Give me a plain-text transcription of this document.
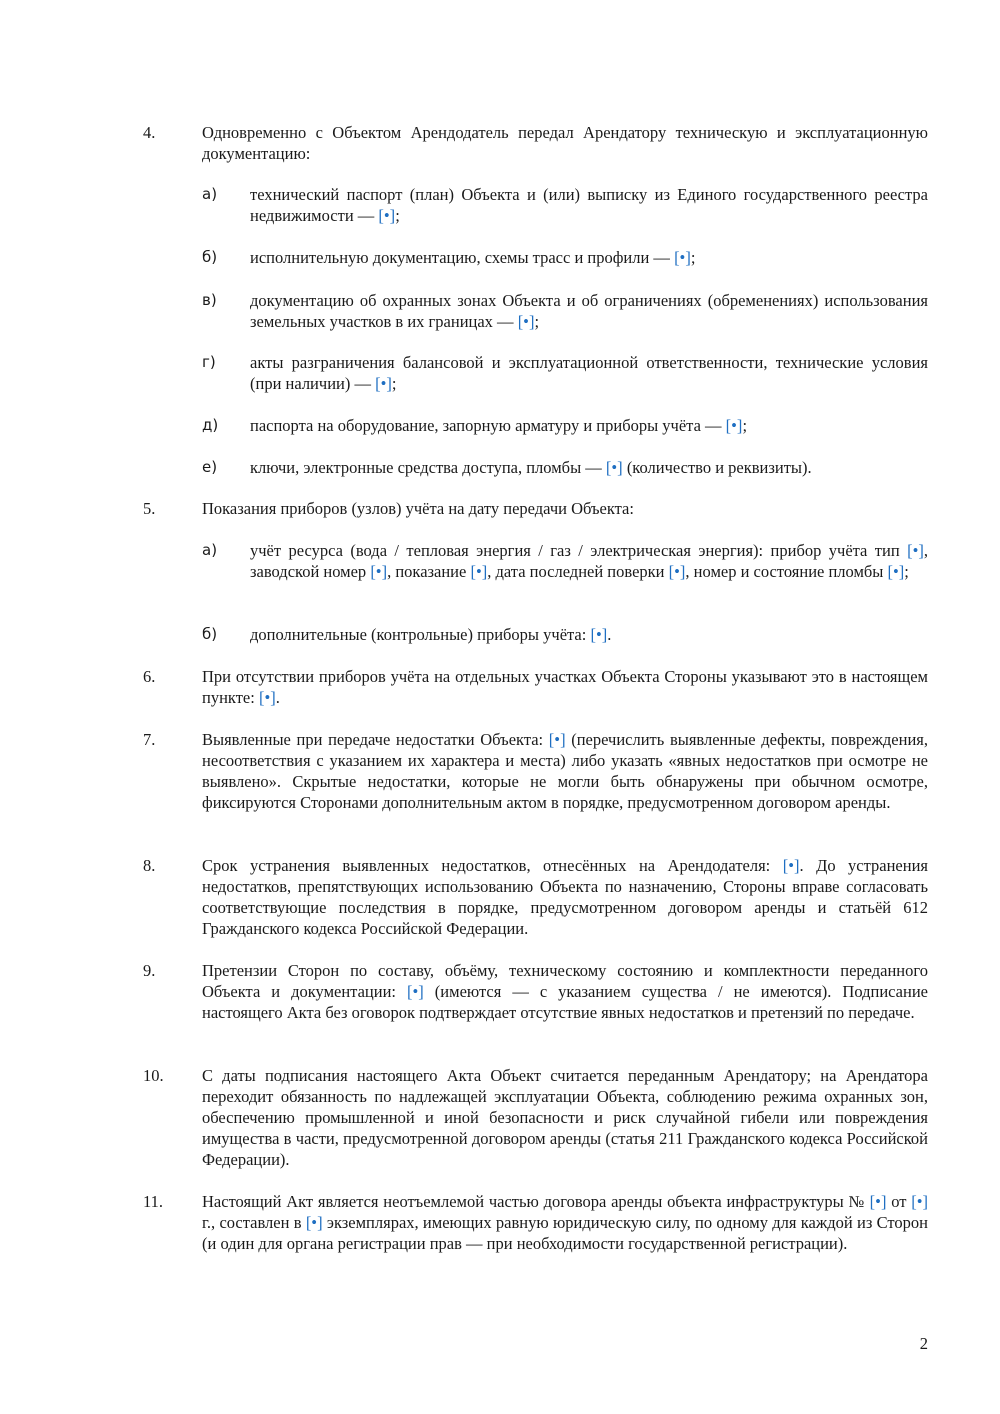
4.	Одновременно с Объектом Арендодатель передал Арендатору техническую и эксплуатационную документацию:
а) технический паспорт (план) Объекта и (или) выписку из Единого государственного реестра недвижимости — [•];
б) исполнительную документацию, схемы трасс и профили — [•];
в) документацию об охранных зонах Объекта и об ограничениях (обременениях) использования земельных участков в их границах — [•];
г) акты разграничения балансовой и эксплуатационной ответственности, технические условия (при наличии) — [•];
д) паспорта на оборудование, запорную арматуру и приборы учёта — [•];
е) ключи, электронные средства доступа, пломбы — [•] (количество и реквизиты).
5.	Показания приборов (узлов) учёта на дату передачи Объекта:
а) учёт ресурса (вода / тепловая энергия / газ / электрическая энергия): прибор учёта тип [•], заводской номер [•], показание [•], дата последней поверки [•], номер и состояние пломбы [•];
б) дополнительные (контрольные) приборы учёта: [•].
6.	При отсутствии приборов учёта на отдельных участках Объекта Стороны указывают это в настоящем пункте: [•].
7.	Выявленные при передаче недостатки Объекта: [•] (перечислить выявленные дефекты, повреждения, несоответствия с указанием их характера и места) либо указать «явных недостатков при осмотре не выявлено». Скрытые недостатки, которые не могли быть обнаружены при обычном осмотре, фиксируются Сторонами дополнительным актом в порядке, предусмотренном договором аренды.
8.	Срок устранения выявленных недостатков, отнесённых на Арендодателя: [•]. До устранения недостатков, препятствующих использованию Объекта по назначению, Стороны вправе согласовать соответствующие последствия в порядке, предусмотренном договором аренды и статьёй 612 Гражданского кодекса Российской Федерации.
9.	Претензии Сторон по составу, объёму, техническому состоянию и комплектности переданного Объекта и документации: [•] (имеются — с указанием существа / не имеются). Подписание настоящего Акта без оговорок подтверждает отсутствие явных недостатков и претензий по передаче.
10. С даты подписания настоящего Акта Объект считается переданным Арендатору; на Арендатора переходит обязанность по надлежащей эксплуатации Объекта, соблюдению режима охранных зон, обеспечению промышленной и иной безопасности и риск случайной гибели или повреждения имущества в части, предусмотренной договором аренды (статья 211 Гражданского кодекса Российской Федерации).
11. Настоящий Акт является неотъемлемой частью договора аренды объекта инфраструктуры № [•] от [•] г., составлен в [•] экземплярах, имеющих равную юридическую силу, по одному для каждой из Сторон (и один для органа регистрации прав — при необходимости государственной регистрации).
2
